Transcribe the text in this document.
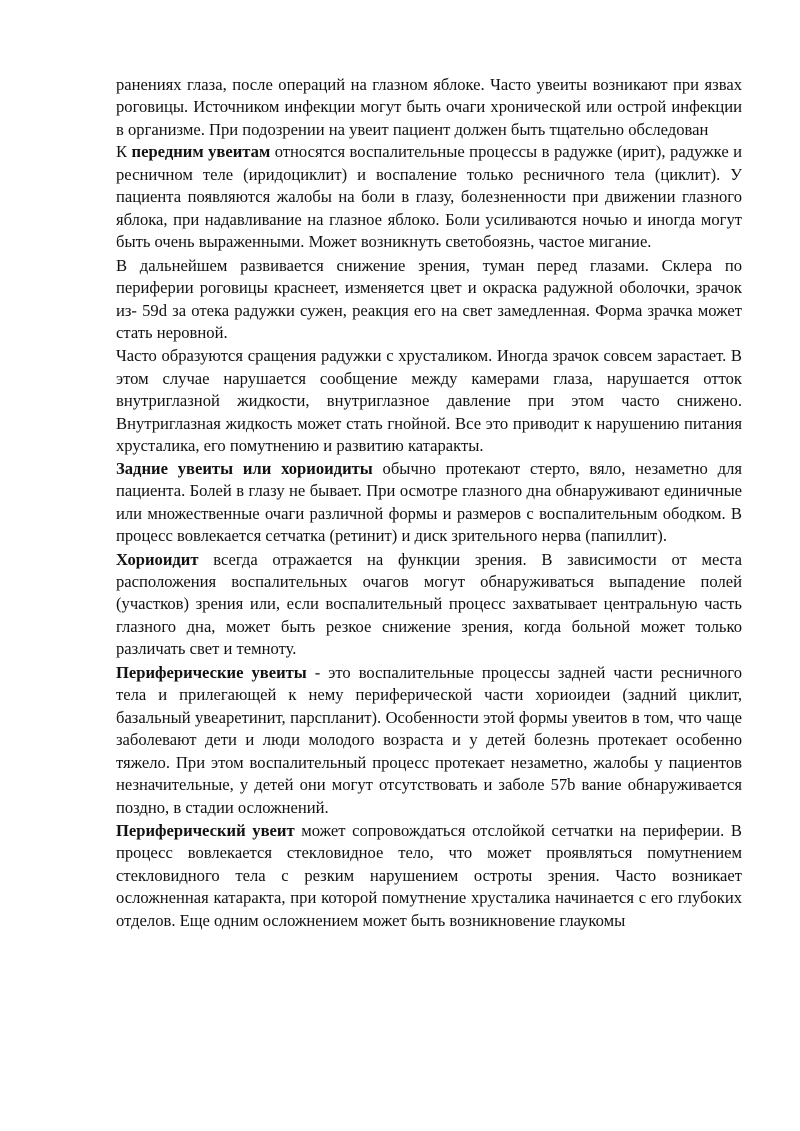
ранениях глаза, после операций на глазном яблоке. Часто увеиты возникают при язвах роговицы. Источником инфекции могут быть очаги хронической или острой инфекции в организме. При подозрении на увеит пациент должен быть тщательно обследован

К передним увеитам относятся воспалительные процессы в радужке (ирит), радужке и ресничном теле (иридоциклит) и воспаление только ресничного тела (циклит). У пациента появляются жалобы на боли в глазу, болезненности при движении глазного яблока, при надавливание на глазное яблоко. Боли усиливаются ночью и иногда могут быть очень выраженными. Может возникнуть светобоязнь, частое мигание.

В дальнейшем развивается снижение зрения, туман перед глазами. Склера по периферии роговицы краснеет, изменяется цвет и окраска радужной оболочки, зрачок из- 59d за отека радужки сужен, реакция его на свет замедленная. Форма зрачка может стать неровной.

Часто образуются сращения радужки с хрусталиком. Иногда зрачок совсем зарастает. В этом случае нарушается сообщение между камерами глаза, нарушается отток внутриглазной жидкости, внутриглазное давление при этом часто снижено. Внутриглазная жидкость может стать гнойной. Все это приводит к нарушению питания хрусталика, его помутнению и развитию катаракты.

Задние увеиты или хориоидиты обычно протекают стерто, вяло, незаметно для пациента. Болей в глазу не бывает. При осмотре глазного дна обнаруживают единичные или множественные очаги различной формы и размеров с воспалительным ободком. В процесс вовлекается сетчатка (ретинит) и диск зрительного нерва (папиллит).

Хориоидит всегда отражается на функции зрения. В зависимости от места расположения воспалительных очагов могут обнаруживаться выпадение полей (участков) зрения или, если воспалительный процесс захватывает центральную часть глазного дна, может быть резкое снижение зрения, когда больной может только различать свет и темноту.

Периферические увеиты - это воспалительные процессы задней части ресничного тела и прилегающей к нему периферической части хориоидеи (задний циклит, базальный увеаретинит, парспланит). Особенности этой формы увеитов в том, что чаще заболевают дети и люди молодого возраста и у детей болезнь протекает особенно тяжело. При этом воспалительный процесс протекает незаметно, жалобы у пациентов незначительные, у детей они могут отсутствовать и заболе 57b вание обнаруживается поздно, в стадии осложнений.

Периферический увеит может сопровождаться отслойкой сетчатки на периферии. В процесс вовлекается стекловидное тело, что может проявляться помутнением стекловидного тела с резким нарушением остроты зрения. Часто возникает осложненная катаракта, при которой помутнение хрусталика начинается с его глубоких отделов. Еще одним осложнением может быть возникновение глаукомы
